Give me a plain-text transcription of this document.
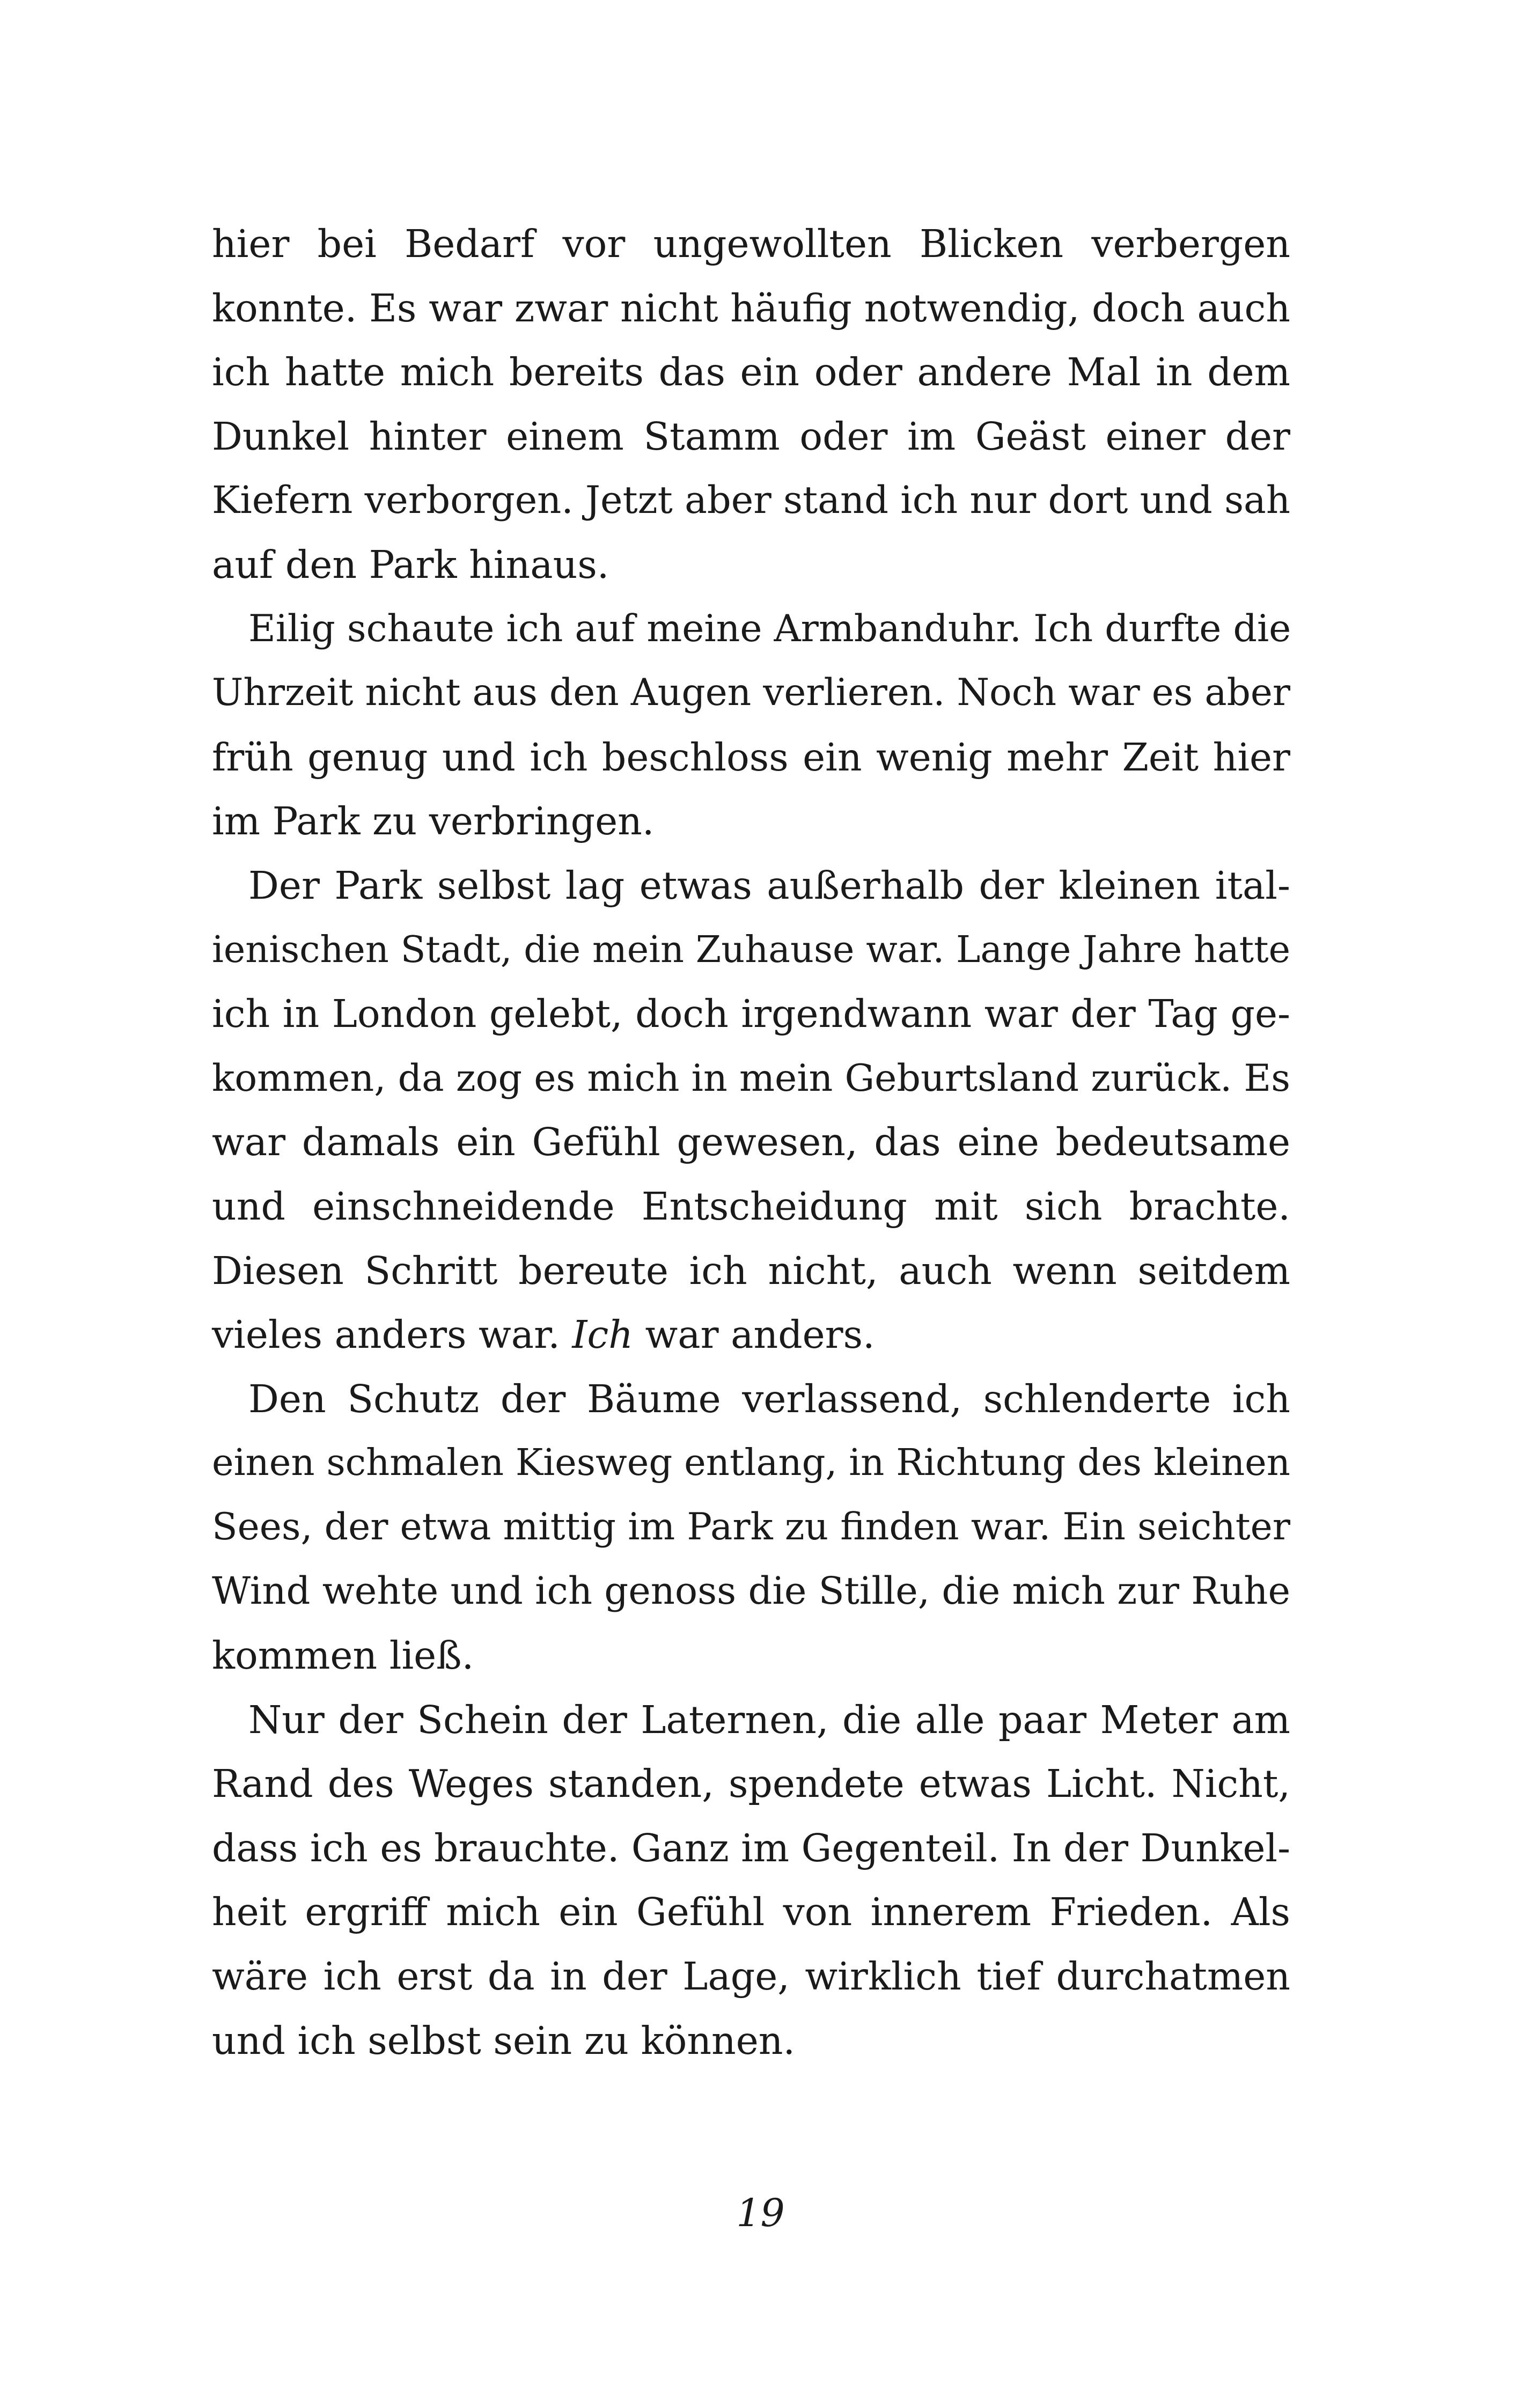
hier bei Bedarf vor ungewollten Blicken verbergen
konnte. Es war zwar nicht häufig notwendig, doch auch
ich hatte mich bereits das ein oder andere Mal in dem
Dunkel hinter einem Stamm oder im Geäst einer der
Kiefern verborgen. Jetzt aber stand ich nur dort und sah
auf den Park hinaus.

Eilig schaute ich auf meine Armbanduhr. Ich durfte die
Uhrzeit nicht aus den Augen verlieren. Noch war es aber
früh genug und ich beschloss ein wenig mehr Zeit hier
im Park zu verbringen.

Der Park selbst lag etwas außerhalb der kleinen ital-
ienischen Stadt, die mein Zuhause war. Lange Jahre hatte
ich in London gelebt, doch irgendwann war der Tag ge-
kommen, da zog es mich in mein Geburtsland zurück. Es
war damals ein Gefühl gewesen, das eine bedeutsame
und einschneidende Entscheidung mit sich brachte.
Diesen Schritt bereute ich nicht, auch wenn seitdem
vieles anders war. Ich war anders.

Den Schutz der Bäume verlassend, schlenderte ich
einen schmalen Kiesweg entlang, in Richtung des kleinen
Sees, der etwa mittig im Park zu finden war. Ein seichter
Wind wehte und ich genoss die Stille, die mich zur Ruhe
kommen ließ.

Nur der Schein der Laternen, die alle paar Meter am
Rand des Weges standen, spendete etwas Licht. Nicht,
dass ich es brauchte. Ganz im Gegenteil. In der Dunkel-
heit ergriff mich ein Gefühl von innerem Frieden. Als
wäre ich erst da in der Lage, wirklich tief durchatmen
und ich selbst sein zu können.

19
